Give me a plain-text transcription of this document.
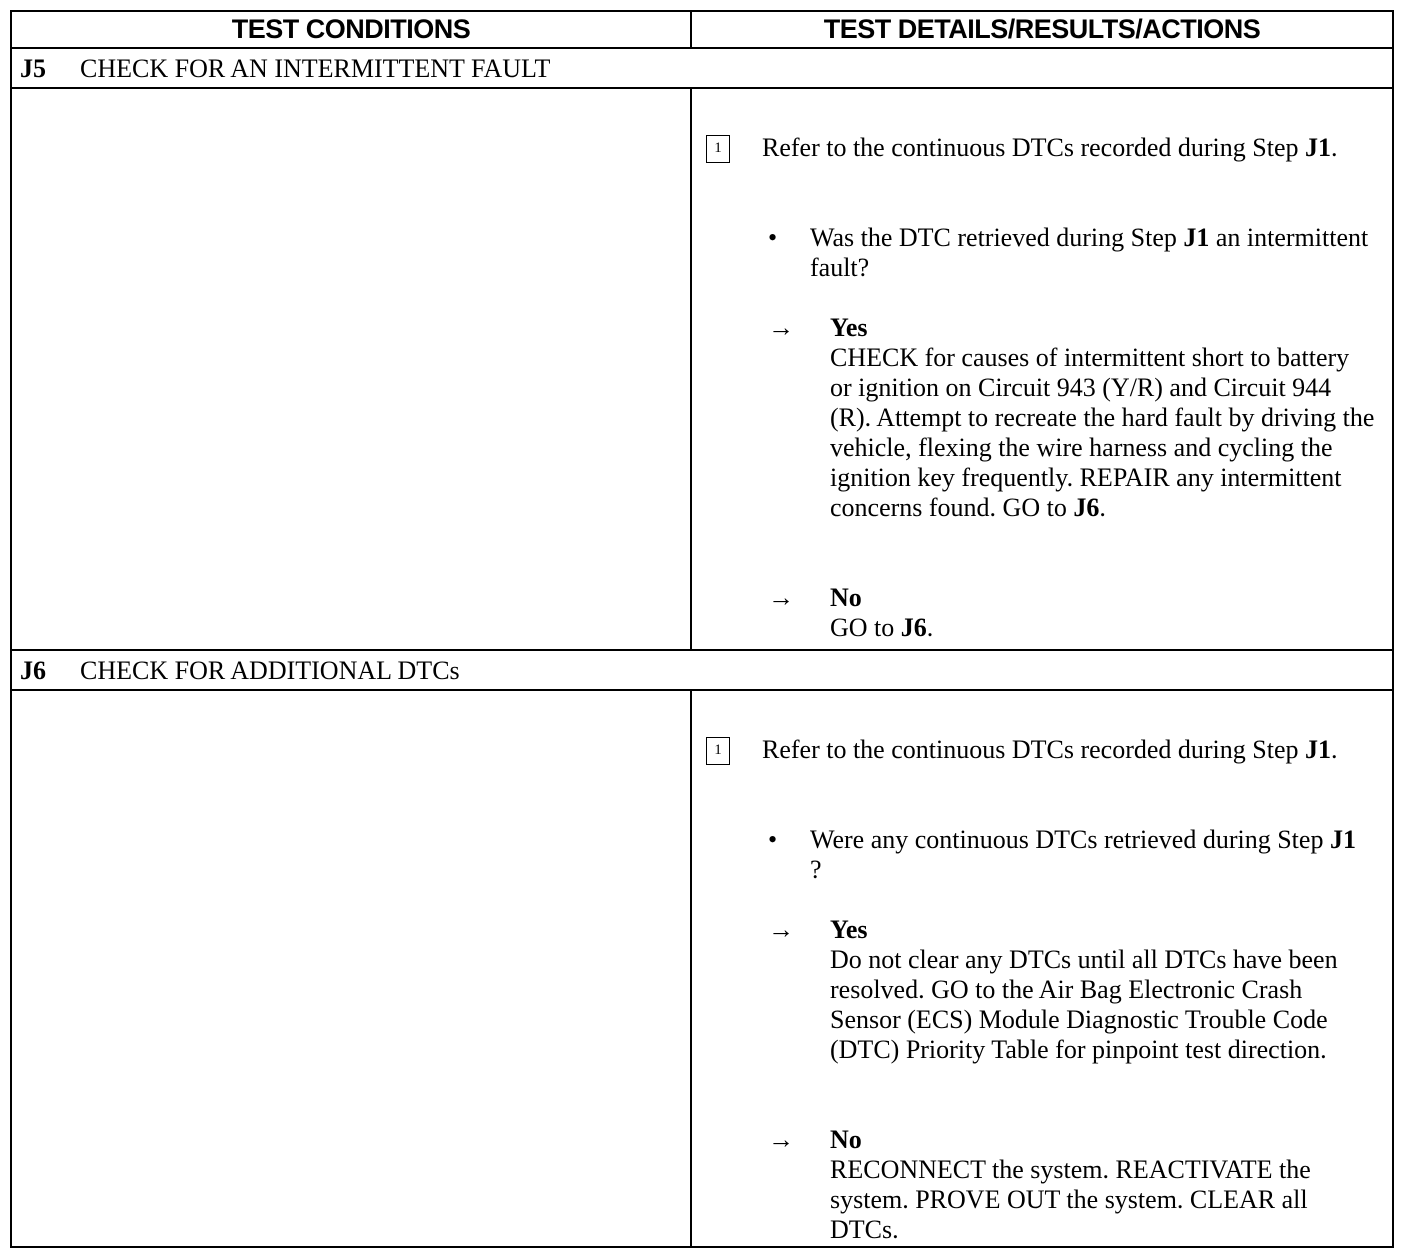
TEST CONDITIONS	TEST DETAILS/RESULTS/ACTIONS
J5 CHECK FOR AN INTERMITTENT FAULT
1	Refer to the continuous DTCs recorded during Step J1.
• Was the DTC retrieved during Step J1 an intermittent fault?
→ Yes
CHECK for causes of intermittent short to battery or ignition on Circuit 943 (Y/R) and Circuit 944 (R). Attempt to recreate the hard fault by driving the vehicle, flexing the wire harness and cycling the ignition key frequently. REPAIR any intermittent concerns found. GO to J6.
→ No
GO to J6.
J6 CHECK FOR ADDITIONAL DTCs
1	Refer to the continuous DTCs recorded during Step J1.
• Were any continuous DTCs retrieved during Step J1 ?
→ Yes
Do not clear any DTCs until all DTCs have been resolved. GO to the Air Bag Electronic Crash Sensor (ECS) Module Diagnostic Trouble Code (DTC) Priority Table for pinpoint test direction.
→ No
RECONNECT the system. REACTIVATE the system. PROVE OUT the system. CLEAR all DTCs.
